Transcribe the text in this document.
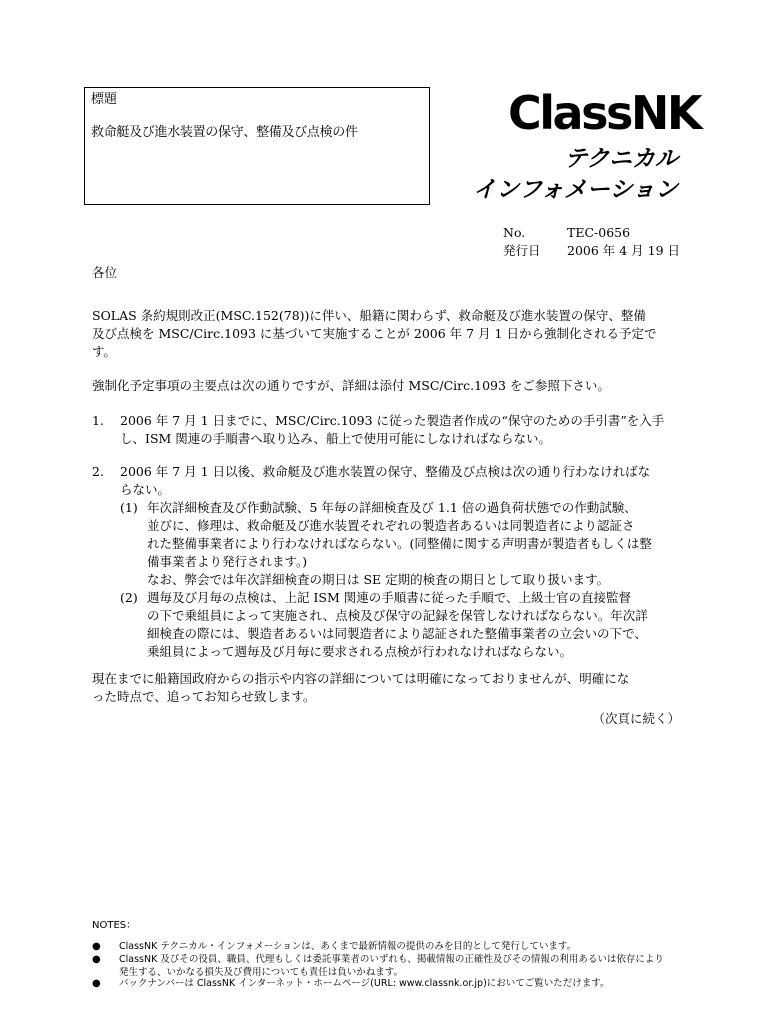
標題
救命艇及び進水装置の保守、整備及び点検の件	ClassNK
テクニカル
インフォメーション
No.	TEC-0656
発行日 2006 年 4 月 19 日
各位
SOLAS 条約規則改正(MSC.152(78))に伴い、船籍に関わらず、救命艇及び進水装置の保守、整備
及び点検を MSC/Circ.1093 に基づいて実施することが 2006 年 7 月 1 日から強制化される予定で
す。
強制化予定事項の主要点は次の通りですが、詳細は添付 MSC/Circ.1093 をご参照下さい。
1. 2006 年 7 月 1 日までに、MSC/Circ.1093 に従った製造者作成の“保守のための手引書”を入手
し、ISM 関連の手順書へ取り込み、船上で使用可能にしなければならない。
2. 2006 年 7 月 1 日以後、救命艇及び進水装置の保守、整備及び点検は次の通り行わなければな
らない。
(1) 年次詳細検査及び作動試験、5 年毎の詳細検査及び 1.1 倍の過負荷状態での作動試験、
並びに、修理は、救命艇及び進水装置それぞれの製造者あるいは同製造者により認証さ
れた整備事業者により行わなければならない。(同整備に関する声明書が製造者もしくは整
備事業者より発行されます。)
なお、弊会では年次詳細検査の期日は SE 定期的検査の期日として取り扱います。
(2) 週毎及び月毎の点検は、上記 ISM 関連の手順書に従った手順で、上級士官の直接監督
の下で乗組員によって実施され、点検及び保守の記録を保管しなければならない。年次詳
細検査の際には、製造者あるいは同製造者により認証された整備事業者の立会いの下で、
乗組員によって週毎及び月毎に要求される点検が行われなければならない。
現在までに船籍国政府からの指示や内容の詳細については明確になっておりませんが、明確にな
った時点で、追ってお知らせ致します。
（次頁に続く）
NOTES：
● ClassNK テクニカル・インフォメーションは、あくまで最新情報の提供のみを目的として発行しています。
● ClassNK 及びその役員、職員、代理もしくは委託事業者のいずれも、掲載情報の正確性及びその情報の利用あるいは依存により
発生する、いかなる損失及び費用についても責任は負いかねます。
● バックナンバーは ClassNK インターネット・ホームページ(URL: www.classnk.or.jp)においてご覧いただけます。
